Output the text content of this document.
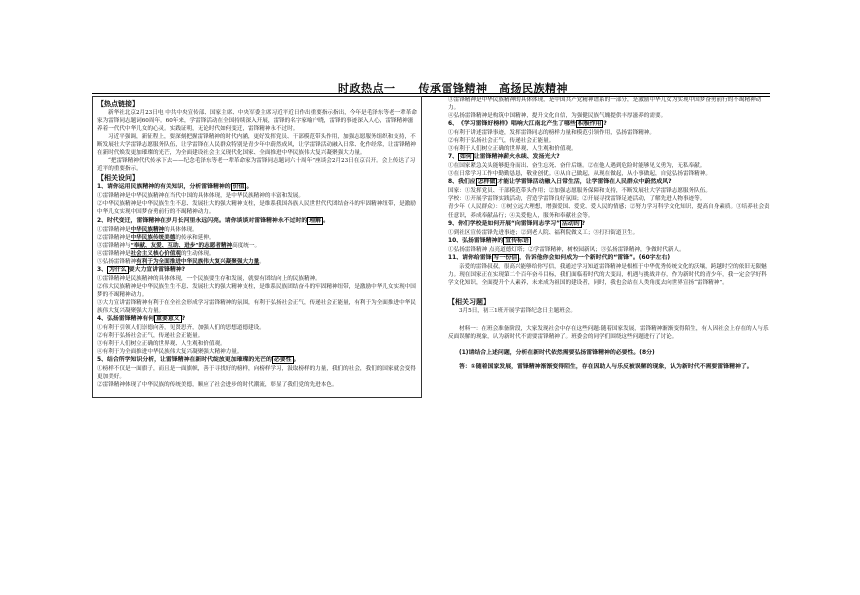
时政热点一　　传承雷锋精神　高扬民族精神

【热点链接】

新华社北京2月23日电 中共中央宣传部、国家主席、中央军委主席习近平近日作出重要指示指出，今年是毛泽东等老一辈革命家为雷锋同志题词60周年。60年来，学雷锋活动在全国持续深入开展，雷锋的名字家喻户晓，雷锋的事迹深入人心，雷锋精神滋养着一代代中华儿女的心灵。实践证明，无论时代如何变迁，雷锋精神永不过时。

习近平强调，新征程上，要深刻把握雷锋精神的时代内涵，更好发挥党员、干部模范带头作用，加强志愿服务组织和支持，不断发展壮大学雷锋志愿服务队伍，让学雷锋在人民群众特别是青少年中蔚然成风，让学雷锋活动融入日常、化作经常，让雷锋精神在新时代焕发更加璀璨的光芒，为全面建设社会主义现代化国家、全面推进中华民族伟大复兴凝聚强大力量。

“把雷锋精神代代传承下去——纪念毛泽东等老一辈革命家为雷锋同志题词六十周年”座谈会2月23日在京召开。会上传达了习近平的重要指示。

【相关设问】

1、请你运用民族精神的有关知识，分析雷锋精神的 价值 。

①雷锋精神是中华民族精神在当代中国的具体体现，是中华民族精神的丰富和发展。

②中华民族精神是中华民族生生不息、发展壮大的强大精神支柱，是维系我国各族人民世世代代团结奋斗的牢固精神纽带，是激励中华儿女实现中国梦奋勇前行的不竭精神动力。

2、时代变迁，雷锋精神在岁月长河里永远闪亮。请你谈谈对雷锋精神永不过时的 理解 。

①雷锋精神是中华民族精神的具体体现。

②雷锋精神是中华民族传统美德的传承和延伸。

③雷锋精神与“奉献、友爱、互助、进步”的志愿者精神高度统一。

④雷锋精神是社会主义核心价值观的生动体现。

⑤弘扬雷锋精神有利于为全面推进中华民族伟大复兴凝聚强大力量。

3、 为什么 要大力宣讲雷锋精神?

①雷锋精神是民族精神的具体体现，一个民族要生存和发展，就要有团结向上的民族精神。

②伟大民族精神是中华民族生生不息、发展壮大的强大精神支柱，是维系民族团结奋斗的牢固精神纽带，是激励中华儿女实现中国梦的不竭精神动力。

③大力宣讲雷锋精神有利于在全社会形成学习雷锋精神的氛围，有利于弘扬社会正气，传递社会正能量，有利于为全面推进中华民族伟大复兴凝聚强大力量。

4、弘扬雷锋精神有何 重要意义 ?

①有利于引领人们崇德向善，见贤思齐，加强人们的思想道德建设。

②有利于弘扬社会正气，传递社会正能量。

③有利于人们树立正确的世界观、人生观和价值观。

④有利于为全面推进中华民族伟大复兴凝聚强大精神力量。

5、结合所学知识分析，让雷锋精神在新时代绽放更加璀璨的光芒的 必要性 。

①榜样不仅是一面旗子，而且是一面旗帜，善于寻找好的榜样，向榜样学习，汲取榜样的力量，我们的社会，我们的国家就会变得更加美好。

②雷锋精神体现了中华民族的传统美德，顺应了社会进步的时代潮流，彰显了我们党的先进本色。

③雷锋精神是中华民族精神的具体体现，是中国共产党精神谱系的一部分，是激励中华儿女为实现中国梦奋勇前行的不竭精神动力。

④弘扬雷锋精神是构筑中国精神，提升文化自信，为强健民族气魄提供丰厚滋养的需要。

6、《学习雷锋好榜样》唱响大江南北产生了哪些 积极作用 ?

①有利于讲述雷锋事迹，发挥雷锋同志的榜样力量和模范引领作用，弘扬雷锋精神。

②有利于弘扬社会正气，传递社会正能量。

③有利于人们树立正确的世界观、人生观和价值观。

7、 如何 让雷锋精神薪火永续、发扬光大?

①在国家紧急关头能够挺身而出、奋生忘死、奋什后继。②在他人遇到危险时能够见义勇为，无私奉献。

③在日常学习工作中勤勤恳恳，敬业创优。④从自己做起，从现在做起，从小事做起，自觉弘扬雷锋精神。

8、我们应 怎样做 才能让学雷锋活动融入日常生活，让学雷锋在人民群众中蔚然成风?

国家：①发挥党员、干部模范带头作用；②加强志愿服务保障和支持，不断发展壮大学雷锋志愿服务队伍。

学校：①开展学雷锋实践活动，营造学雷锋良好氛围；②开展寻找雷锋足迹活动，了解先进人物事迹等。

青少年（人民群众）：①树立远大理想，增强爱国、爱党、爱人民的情感；②努力学习科学文化知识，提高自身素质。③培养社会责任意识，养成奉献品行；④关爱他人，服务和奉献社会等。

9、你们学校是如何开展“向雷锋同志学习” 活动的 ?

①到社区宣传雷锋先进事迹；②到老人院、福利院做义工；③打扫街道卫生。

10、弘扬雷锋精神的 宣传标语

①弘扬雷锋精神 点亮道德灯塔；②学雷锋精神，树校园新风；③弘扬雷锋精神，争做时代新人。

11、请你给雷锋 写一份信 ，告诉他你会如何成为一个新时代的“雷锋”。(60字左右)

亲爱的雷锋叔叔，很高兴能够给你写信，我通过学习知道雷锋精神是根植于中华优秀传统文化的沃壤，跨越时空的依旧无限魅力。现在国家正在实现第二个百年奋斗目标，我们面临着时代的大变局，机遇与挑战并存，作为新时代的青少年，我一定会学好科学文化知识，全面提升个人素养，未来成为祖国的建设者，同时，我也会站在人类角度去向世界宣扬“雷锋精神”。

【相关习题】

3月5日，初三1班开展学雷锋纪念日主题班会。

材料一：在班会准备阶段，大家发现社会中存在这些问题:随着国家发展，雷锋精神渐渐变得陌生，有人因社会上存在的人与乐反面误解的现象，认为新时代不需要雷锋精神了。班委会的同学们围绕这些问题进行了讨论。

(1)请结合上述问题，分析在新时代依然需要弘扬雷锋精神的必要性。(8分)

答：①随着国家发展，雷锋精神渐渐变得陌生，存在因助人与乐反被误解的现象，认为新时代不需要雷锋精神了。
